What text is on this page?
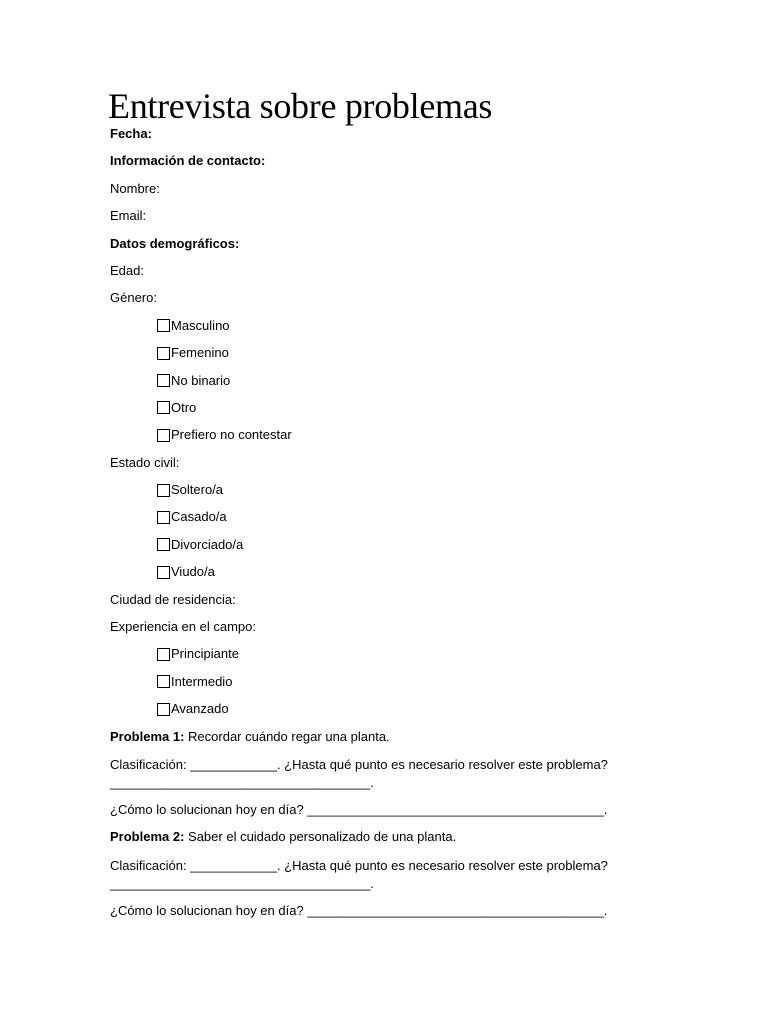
Entrevista sobre problemas
Fecha:
Información de contacto:
Nombre:
Email:
Datos demográficos:
Edad:
Género:
Masculino
Femenino
No binario
Otro
Prefiero no contestar
Estado civil:
Soltero/a
Casado/a
Divorciado/a
Viudo/a
Ciudad de residencia:
Experiencia en el campo:
Principiante
Intermedio
Avanzado
Problema 1: Recordar cuándo regar una planta.
Clasificación: ____________. ¿Hasta qué punto es necesario resolver este problema? ____________________________________.
¿Cómo lo solucionan hoy en día? _________________________________________.
Problema 2: Saber el cuidado personalizado de una planta.
Clasificación: ____________. ¿Hasta qué punto es necesario resolver este problema? ____________________________________.
¿Cómo lo solucionan hoy en día? _________________________________________.
